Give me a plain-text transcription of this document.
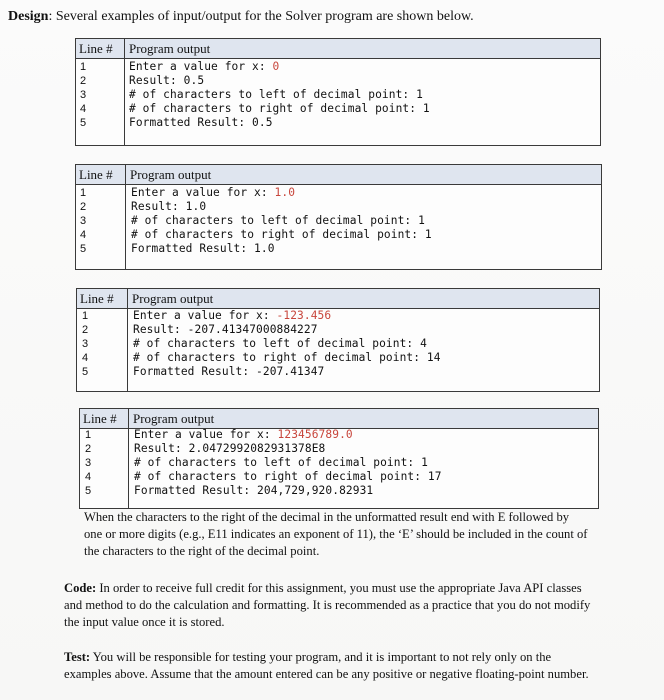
Design: Several examples of input/output for the Solver program are shown below.
Line # Program output
1
2
3
4
5
Enter a value for x: 0
Result: 0.5
# of characters to left of decimal point: 1
# of characters to right of decimal point: 1
Formatted Result: 0.5
Line # Program output
1
2
3
4
5
Enter a value for x: 1.0
Result: 1.0
# of characters to left of decimal point: 1
# of characters to right of decimal point: 1
Formatted Result: 1.0
Line # Program output
1
2
3
4
5
Enter a value for x: -123.456
Result: -207.41347000884227
# of characters to left of decimal point: 4
# of characters to right of decimal point: 14
Formatted Result: -207.41347
Line # Program output
1
2
3
4
5
Enter a value for x: 123456789.0
Result: 2.0472992082931378E8
# of characters to left of decimal point: 1
# of characters to right of decimal point: 17
Formatted Result: 204,729,920.82931
When the characters to the right of the decimal in the unformatted result end with E followed by one or more digits (e.g., E11 indicates an exponent of 11), the ‘E’ should be included in the count of the characters to the right of the decimal point.
Code: In order to receive full credit for this assignment, you must use the appropriate Java API classes and method to do the calculation and formatting. It is recommended as a practice that you do not modify the input value once it is stored.
Test: You will be responsible for testing your program, and it is important to not rely only on the examples above. Assume that the amount entered can be any positive or negative floating-point number.
